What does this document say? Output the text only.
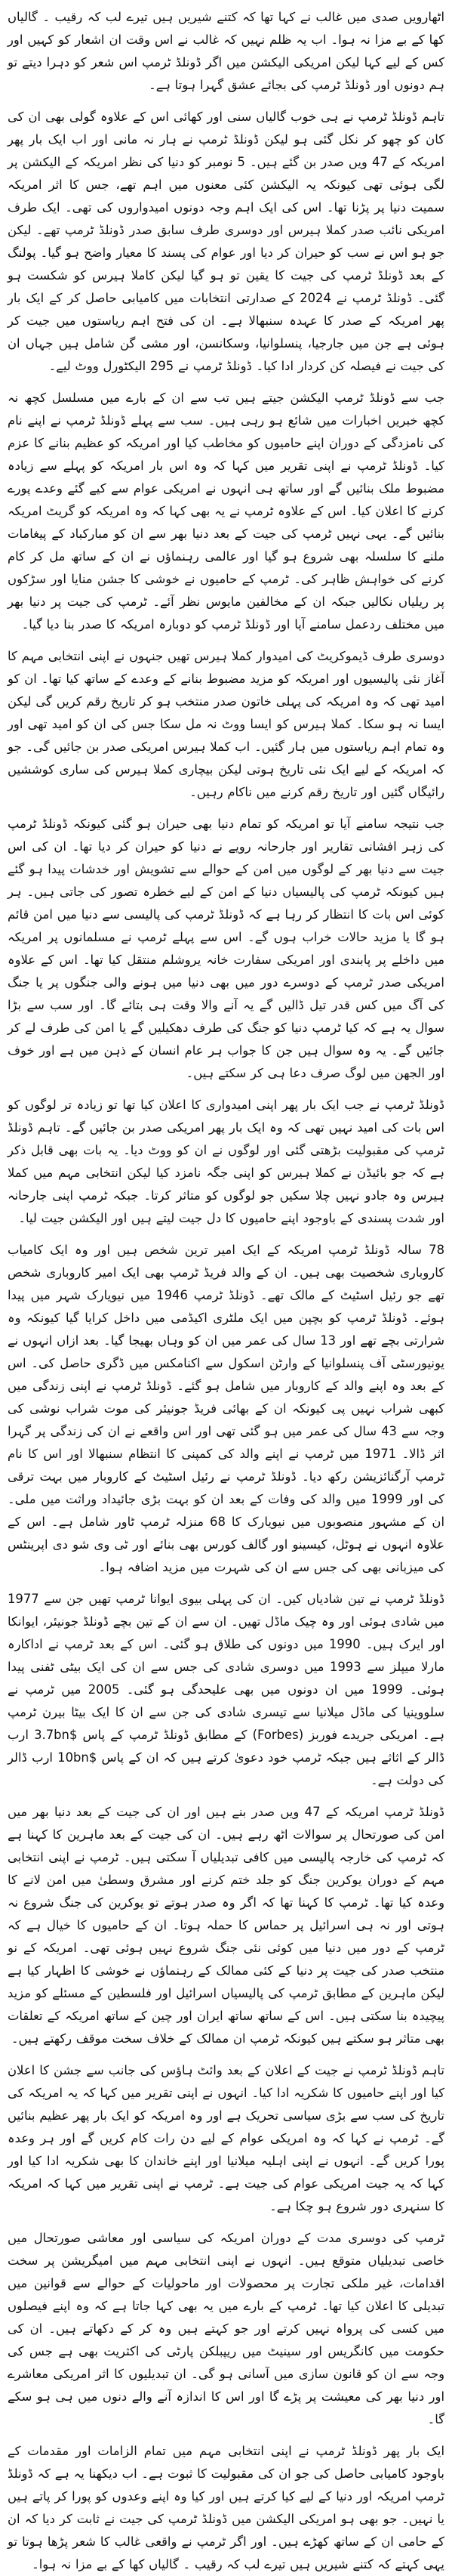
اٹھارویں صدی میں غالب نے کہا تھا کہ کتنے شیریں ہیں تیرے لب کہ رقیب ۔ گالیاں کھا کے بے مزا نہ ہوا۔ اب یہ ظلم نہیں کہ غالب نے اس وقت ان اشعار کو کہیں اور کس کے لیے کہا لیکن امریکی الیکشن میں اگر ڈونلڈ ٹرمپ اس شعر کو دہرا دیتے تو ہم دونوں اور ڈونلڈ ٹرمپ کی بجائے عشق گہرا ہوتا ہے۔

تاہم ڈونلڈ ٹرمپ نے ہی خوب گالیاں سنی اور کھائی اس کے علاوہ گولی بھی ان کی کان کو چھو کر نکل گئی ہو لیکن ڈونلڈ ٹرمپ نے ہار نہ مانی اور اب ایک بار پھر امریکہ کے 47 ویں صدر بن گئے ہیں۔ 5 نومبر کو دنیا کی نظر امریکہ کے الیکشن پر لگی ہوئی تھی کیونکہ یہ الیکشن کئی معنوں میں اہم تھے، جس کا اثر امریکہ سمیت دنیا پر پڑنا تھا۔ اس کی ایک اہم وجہ دونوں امیدواروں کی تھی۔ ایک طرف امریکی نائب صدر کملا ہیرس اور دوسری طرف سابق صدر ڈونلڈ ٹرمپ تھے۔ لیکن جو ہو اس نے سب کو حیران کر دیا اور عوام کی پسند کا معیار واضح ہو گیا۔ پولنگ کے بعد ڈونلڈ ٹرمپ کی جیت کا یقین تو ہو گیا لیکن کاملا ہیرس کو شکست ہو گئی۔ ڈونلڈ ٹرمپ نے 2024 کے صدارتی انتخابات میں کامیابی حاصل کر کے ایک بار پھر امریکہ کے صدر کا عہدہ سنبھالا ہے۔ ان کی فتح اہم ریاستوں میں جیت کر ہوئی ہے جن میں جارجیا، پنسلوانیا، وسکانسن، اور مشی گن شامل ہیں جہاں ان کی جیت نے فیصلہ کن کردار ادا کیا۔ ڈونلڈ ٹرمپ نے 295 الیکٹورل ووٹ لیے۔

جب سے ڈونلڈ ٹرمپ الیکشن جیتے ہیں تب سے ان کے بارے میں مسلسل کچھ نہ کچھ خبریں اخبارات میں شائع ہو رہی ہیں۔ سب سے پہلے ڈونلڈ ٹرمپ نے اپنے نام کی نامزدگی کے دوران اپنے حامیوں کو مخاطب کیا اور امریکہ کو عظیم بنانے کا عزم کیا۔ ڈونلڈ ٹرمپ نے اپنی تقریر میں کہا کہ وہ اس بار امریکہ کو پہلے سے زیادہ مضبوط ملک بنائیں گے اور ساتھ ہی انہوں نے امریکی عوام سے کیے گئے وعدے پورے کرنے کا اعلان کیا۔ اس کے علاوہ ٹرمپ نے یہ بھی کہا کہ وہ امریکہ کو گریٹ امریکہ بنائیں گے۔ یہی نہیں ٹرمپ کی جیت کے بعد دنیا بھر سے ان کو مبارکباد کے پیغامات ملنے کا سلسلہ بھی شروع ہو گیا اور عالمی رہنماؤں نے ان کے ساتھ مل کر کام کرنے کی خواہش ظاہر کی۔ ٹرمپ کے حامیوں نے خوشی کا جشن منایا اور سڑکوں پر ریلیاں نکالیں جبکہ ان کے مخالفین مایوس نظر آئے۔ ٹرمپ کی جیت پر دنیا بھر میں مختلف ردعمل سامنے آیا اور ڈونلڈ ٹرمپ کو دوبارہ امریکہ کا صدر بنا دیا گیا۔

دوسری طرف ڈیموکریٹ کی امیدوار کملا ہیرس تھیں جنہوں نے اپنی انتخابی مہم کا آغاز نئی پالیسیوں اور امریکہ کو مزید مضبوط بنانے کے وعدے کے ساتھ کیا تھا۔ ان کو امید تھی کہ وہ امریکہ کی پہلی خاتون صدر منتخب ہو کر تاریخ رقم کریں گی لیکن ایسا نہ ہو سکا۔ کملا ہیرس کو ایسا ووٹ نہ مل سکا جس کی ان کو امید تھی اور وہ تمام اہم ریاستوں میں ہار گئیں۔ اب کملا ہیرس امریکی صدر بن جائیں گی۔ جو کہ امریکہ کے لیے ایک نئی تاریخ ہوتی لیکن بیچاری کملا ہیرس کی ساری کوششیں رائیگاں گئیں اور تاریخ رقم کرنے میں ناکام رہیں۔

جب نتیجہ سامنے آیا تو امریکہ کو تمام دنیا بھی حیران ہو گئی کیونکہ ڈونلڈ ٹرمپ کی زہر افشانی تقاریر اور جارحانہ رویے نے دنیا کو حیران کر دیا تھا۔ ان کی اس جیت سے دنیا بھر کے لوگوں میں امن کے حوالے سے تشویش اور خدشات پیدا ہو گئے ہیں کیونکہ ٹرمپ کی پالیسیاں دنیا کے امن کے لیے خطرہ تصور کی جاتی ہیں۔ ہر کوئی اس بات کا انتظار کر رہا ہے کہ ڈونلڈ ٹرمپ کی پالیسی سے دنیا میں امن قائم ہو گا یا مزید حالات خراب ہوں گے۔ اس سے پہلے ٹرمپ نے مسلمانوں پر امریکہ میں داخلے پر پابندی اور امریکی سفارت خانہ یروشلم منتقل کیا تھا۔ اس کے علاوہ امریکی صدر ٹرمپ کے دوسرے دور میں بھی دنیا میں ہونے والی جنگوں پر یا جنگ کی آگ میں کس قدر تیل ڈالیں گے یہ آنے والا وقت ہی بتائے گا۔ اور سب سے بڑا سوال یہ ہے کہ کیا ٹرمپ دنیا کو جنگ کی طرف دھکیلیں گے یا امن کی طرف لے کر جائیں گے۔ یہ وہ سوال ہیں جن کا جواب ہر عام انسان کے ذہن میں ہے اور خوف اور الجھن میں لوگ صرف دعا ہی کر سکتے ہیں۔

ڈونلڈ ٹرمپ نے جب ایک بار پھر اپنی امیدواری کا اعلان کیا تھا تو زیادہ تر لوگوں کو اس بات کی امید نہیں تھی کہ وہ ایک بار پھر امریکی صدر بن جائیں گے۔ تاہم ڈونلڈ ٹرمپ کی مقبولیت بڑھتی گئی اور لوگوں نے ان کو ووٹ دیا۔ یہ بات بھی قابل ذکر ہے کہ جو بائیڈن نے کملا ہیرس کو اپنی جگہ نامزد کیا لیکن انتخابی مہم میں کملا ہیرس وہ جادو نہیں چلا سکیں جو لوگوں کو متاثر کرتا۔ جبکہ ٹرمپ اپنی جارحانہ اور شدت پسندی کے باوجود اپنے حامیوں کا دل جیت لیتے ہیں اور الیکشن جیت لیا۔

78 سالہ ڈونلڈ ٹرمپ امریکہ کے ایک امیر ترین شخص ہیں اور وہ ایک کامیاب کاروباری شخصیت بھی ہیں۔ ان کے والد فریڈ ٹرمپ بھی ایک امیر کاروباری شخص تھے جو رئیل اسٹیٹ کے مالک تھے۔ ڈونلڈ ٹرمپ 1946 میں نیویارک شہر میں پیدا ہوئے۔ ڈونلڈ ٹرمپ کو بچپن میں ایک ملٹری اکیڈمی میں داخل کرایا گیا کیونکہ وہ شرارتی بچے تھے اور 13 سال کی عمر میں ان کو وہاں بھیجا گیا۔ بعد ازاں انہوں نے یونیورسٹی آف پنسلوانیا کے وارٹن اسکول سے اکنامکس میں ڈگری حاصل کی۔ اس کے بعد وہ اپنے والد کے کاروبار میں شامل ہو گئے۔ ڈونلڈ ٹرمپ نے اپنی زندگی میں کبھی شراب نہیں پی کیونکہ ان کے بھائی فریڈ جونیئر کی موت شراب نوشی کی وجہ سے 43 سال کی عمر میں ہو گئی تھی اور اس واقعے نے ان کی زندگی پر گہرا اثر ڈالا۔ 1971 میں ٹرمپ نے اپنے والد کی کمپنی کا انتظام سنبھالا اور اس کا نام ٹرمپ آرگنائزیشن رکھ دیا۔ ڈونلڈ ٹرمپ نے رئیل اسٹیٹ کے کاروبار میں بہت ترقی کی اور 1999 میں والد کی وفات کے بعد ان کو بہت بڑی جائیداد وراثت میں ملی۔ ان کے مشہور منصوبوں میں نیویارک کا 68 منزلہ ٹرمپ ٹاور شامل ہے۔ اس کے علاوہ انہوں نے ہوٹل، کیسینو اور گالف کورس بھی بنائے اور ٹی وی شو دی اپرینٹس کی میزبانی بھی کی جس سے ان کی شہرت میں مزید اضافہ ہوا۔

ڈونلڈ ٹرمپ نے تین شادیاں کیں۔ ان کی پہلی بیوی ایوانا ٹرمپ تھیں جن سے 1977 میں شادی ہوئی اور وہ چیک ماڈل تھیں۔ ان سے ان کے تین بچے ڈونلڈ جونیئر، ایوانکا اور ایرک ہیں۔ 1990 میں دونوں کی طلاق ہو گئی۔ اس کے بعد ٹرمپ نے اداکارہ مارلا میپلز سے 1993 میں دوسری شادی کی جس سے ان کی ایک بیٹی ٹفنی پیدا ہوئی۔ 1999 میں ان دونوں میں بھی علیحدگی ہو گئی۔ 2005 میں ٹرمپ نے سلووینیا کی ماڈل میلانیا سے تیسری شادی کی جن سے ان کا ایک بیٹا بیرن ٹرمپ ہے۔ امریکی جریدے فوربز (Forbes) کے مطابق ڈونلڈ ٹرمپ کے پاس $3.7bn ارب ڈالر کے اثاثے ہیں جبکہ ٹرمپ خود دعویٰ کرتے ہیں کہ ان کے پاس $10bn ارب ڈالر کی دولت ہے۔

ڈونلڈ ٹرمپ امریکہ کے 47 ویں صدر بنے ہیں اور ان کی جیت کے بعد دنیا بھر میں امن کی صورتحال پر سوالات اٹھ رہے ہیں۔ ان کی جیت کے بعد ماہرین کا کہنا ہے کہ ٹرمپ کی خارجہ پالیسی میں کافی تبدیلیاں آ سکتی ہیں۔ ٹرمپ نے اپنی انتخابی مہم کے دوران یوکرین جنگ کو جلد ختم کرنے اور مشرق وسطیٰ میں امن لانے کا وعدہ کیا تھا۔ ٹرمپ کا کہنا تھا کہ اگر وہ صدر ہوتے تو یوکرین کی جنگ شروع نہ ہوتی اور نہ ہی اسرائیل پر حماس کا حملہ ہوتا۔ ان کے حامیوں کا خیال ہے کہ ٹرمپ کے دور میں دنیا میں کوئی نئی جنگ شروع نہیں ہوئی تھی۔ امریکہ کے نو منتخب صدر کی جیت پر دنیا کے کئی ممالک کے رہنماؤں نے خوشی کا اظہار کیا ہے لیکن ماہرین کے مطابق ٹرمپ کی پالیسیاں اسرائیل اور فلسطین کے مسئلے کو مزید پیچیدہ بنا سکتی ہیں۔ اس کے ساتھ ساتھ ایران اور چین کے ساتھ امریکہ کے تعلقات بھی متاثر ہو سکتے ہیں کیونکہ ٹرمپ ان ممالک کے خلاف سخت موقف رکھتے ہیں۔

تاہم ڈونلڈ ٹرمپ نے جیت کے اعلان کے بعد وائٹ ہاؤس کی جانب سے جشن کا اعلان کیا اور اپنے حامیوں کا شکریہ ادا کیا۔ انہوں نے اپنی تقریر میں کہا کہ یہ امریکہ کی تاریخ کی سب سے بڑی سیاسی تحریک ہے اور وہ امریکہ کو ایک بار پھر عظیم بنائیں گے۔ ٹرمپ نے کہا کہ وہ امریکی عوام کے لیے دن رات کام کریں گے اور ہر وعدہ پورا کریں گے۔ انہوں نے اپنی اہلیہ میلانیا اور اپنے خاندان کا بھی شکریہ ادا کیا اور کہا کہ یہ جیت امریکی عوام کی جیت ہے۔ ٹرمپ نے اپنی تقریر میں کہا کہ امریکہ کا سنہری دور شروع ہو چکا ہے۔

ٹرمپ کی دوسری مدت کے دوران امریکہ کی سیاسی اور معاشی صورتحال میں خاصی تبدیلیاں متوقع ہیں۔ انہوں نے اپنی انتخابی مہم میں امیگریشن پر سخت اقدامات، غیر ملکی تجارت پر محصولات اور ماحولیات کے حوالے سے قوانین میں تبدیلی کا اعلان کیا تھا۔ ٹرمپ کے بارے میں یہ بھی کہا جاتا ہے کہ وہ اپنے فیصلوں میں کسی کی پرواہ نہیں کرتے اور جو کہتے ہیں وہ کر کے دکھاتے ہیں۔ ان کی حکومت میں کانگریس اور سینیٹ میں ریپبلکن پارٹی کی اکثریت بھی ہے جس کی وجہ سے ان کو قانون سازی میں آسانی ہو گی۔ ان تبدیلیوں کا اثر امریکی معاشرے اور دنیا بھر کی معیشت پر پڑے گا اور اس کا اندازہ آنے والے دنوں میں ہی ہو سکے گا۔

ایک بار پھر ڈونلڈ ٹرمپ نے اپنی انتخابی مہم میں تمام الزامات اور مقدمات کے باوجود کامیابی حاصل کی جو ان کی مقبولیت کا ثبوت ہے۔ اب دیکھنا یہ ہے کہ ڈونلڈ ٹرمپ امریکہ اور دنیا کے لیے کیا کرتے ہیں اور کیا وہ اپنے وعدوں کو پورا کر پاتے ہیں یا نہیں۔ جو بھی ہو امریکی الیکشن میں ڈونلڈ ٹرمپ کی جیت نے ثابت کر دیا کہ ان کے حامی ان کے ساتھ کھڑے ہیں۔ اور اگر ٹرمپ نے واقعی غالب کا شعر پڑھا ہوتا تو یہی کہتے کہ کتنے شیریں ہیں تیرے لب کہ رقیب ۔ گالیاں کھا کے بے مزا نہ ہوا۔
